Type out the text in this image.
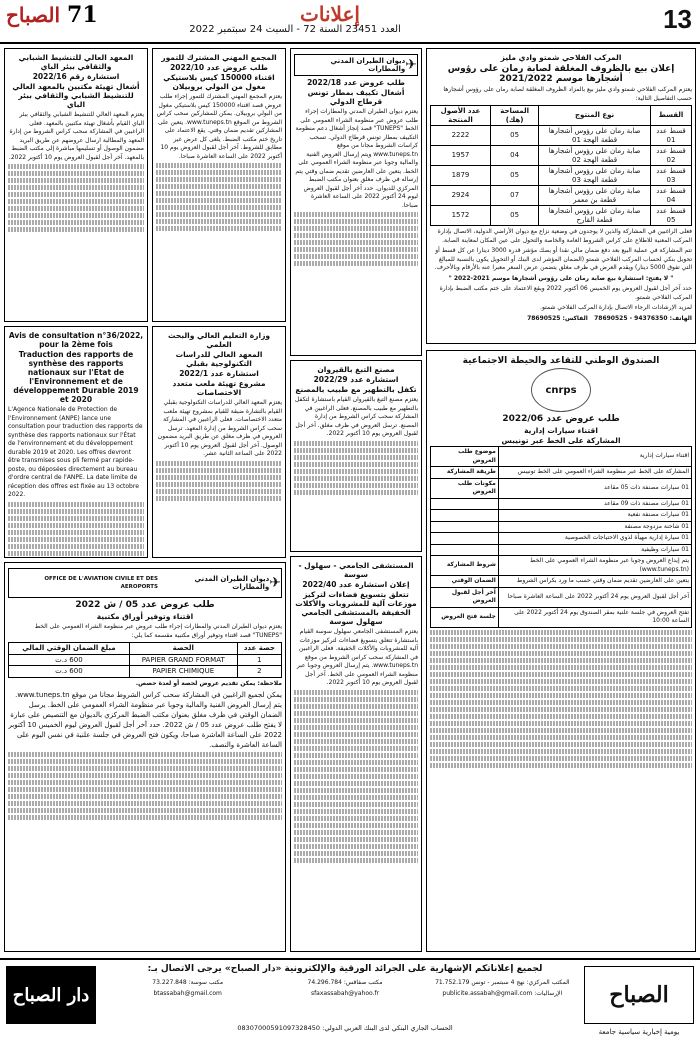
13
إعلانات
العدد 23451 السنة 72 - السبت 24 سبتمبر 2022
71 الصباح
المركب الفلاحي شمتو وادي مليز
إعلان بيع بالظروف المغلقة لصابة رمان على رؤوس أشجارها موسم 2021/2022

يعتزم المركب الفلاحي شمتو وادي مليز بيع بالمزاد الظروف المغلقة لصابة رمان على رؤوس أشجارها حسب التفاصيل التالية:

القسط	نوع المنتوج	المساحة (هك)	عدد الأصول المنتجة
قسط عدد 01	صابة رمان على رؤوس أشجارها قطعة الهجة 01	05	2222
قسط عدد 02	صابة رمان على رؤوس أشجارها قطعة الهجة 02	04	1957
قسط عدد 03	صابة رمان على رؤوس أشجارها قطعة الهجة 03	05	1879
قسط عدد 04	صابة رمان على رؤوس أشجارها قطعة بن معمر	07	2924
قسط عدد 05	صابة رمان على رؤوس أشجارها قطعة القارح	05	1572

فعلى الراغبين في المشاركة والذين لا يوجدون في وضعية نزاع مع ديوان الأراضي الدولية، الاتصال بإدارة المركب المعنية للاطلاع على كراس الشروط العامة والخاصة والتحول على عين المكان لمعاينة الصابة.

تتم المشاركة في عملية البيع بعد دفع ضمان مالي نقدا أو بصك مؤشر قدره 3000 دينارا عن كل قسط أو تحويل بنكي لحساب المركب الفلاحي شمتو (الضمان المؤشر لدى البنك أو التحويل يكون بالنسبة للمبالغ التي تفوق 5000 دينار) ويقدم العرض في ظرف مغلق يتضمن عرض السعر معبرا عنه بالأرقام وبالأحرف.

" لا يفتح: استشارة بيع صابة رمان على رؤوس أشجارها موسم 2021-2022 "

حدد آخر أجل لقبول العروض يوم الخميس 06 أكتوبر 2022 ويقع الاعتماد على ختم مكتب الضبط بإدارة المركب الفلاحي شمتو.

لمزيد الإرشادات الرجاء الاتصال بإدارة المركب الفلاحي شمتو.

الهاتف: 94376350 - 78690525   الفاكس: 78690525

الصندوق الوطني للتقاعد والحيطة الاجتماعية
cnrps
طلب عروض عدد 2022/06
اقتناء سيارات إدارية
المشاركة على الخط عبر تونيبس
اقتناء سيارات إدارية	موضوع طلب العروض
المشاركة على الخط عبر منظومة الشراء العمومي على الخط تونيبس	طريقة المشاركة
01 سيارات مصنفة ذات 05 مقاعد	مكونات طلب العروض
01 سيارات مصنفة ذات 09 مقاعد	
01 سيارات مصنفة نفعية	
01 شاحنة مزدوجة مصنفة	
01 سيارة إدارية مهيأة لذوي الاحتياجات الخصوصية	
01 سيارات وظيفية	
يتم إيداع العروض وجوبا عبر منظومة الشراء العمومي على الخط (www.tuneps.tn)	شروط المشاركة
يتعين على العارضين تقديم ضمان وقتي حسب ما ورد بكراس الشروط	الضمان الوقتي
آخر أجل لقبول العروض يوم 24 أكتوبر 2022 على الساعة العاشرة صباحا	آخر أجل لقبول العروض
تفتح العروض في جلسة علنية بمقر الصندوق يوم 24 أكتوبر 2022 على الساعة 10:00	جلسة فتح العروض
✈
ديوان الطيران المدني والمطارات
طلب عروض عدد 2022/18
أشغال تكييف بمطار تونس قرطاج الدولي

يعتزم ديوان الطيران المدني والمطارات إجراء طلب عروض عبر منظومة الشراء العمومي على الخط "TUNEPS" قصد إنجاز أشغال دعم منظومة التكييف بمطار تونس قرطاج الدولي. تسحب كراسات الشروط مجانا من موقع www.tuneps.tn ويتم إرسال العروض الفنية والمالية وجوبا عبر منظومة الشراء العمومي على الخط. يتعين على العارضين تقديم ضمان وقتي يتم إرساله في ظرف مغلق بعنوان مكتب الضبط المركزي للديوان. حدد آخر أجل لقبول العروض ليوم 24 أكتوبر 2022 على الساعة العاشرة صباحا.

مصنع التبغ بالقيروان
استشارة عدد 2022/29
تكفل بالتطهير مع طبيب بالمصنع

يعتزم مصنع التبغ بالقيروان القيام باستشارة لتكفل بالتطهير مع طبيب بالمصنع. فعلى الراغبين في المشاركة سحب كراس الشروط من إدارة المصنع. ترسل العروض في ظرف مغلق. آخر أجل لقبول العروض يوم 10 أكتوبر 2022.

المستشفى الجامعي - سهلول - سوسة
إعلان استشارة عدد 2022/40
تتعلق بتسويغ فضاءات لتركيز موزعات آلية للمشروبات والأكلات الخفيفة بالمستشفى الجامعي سهلول سوسة

يعتزم المستشفى الجامعي سهلول سوسة القيام باستشارة تتعلق بتسويغ فضاءات لتركيز موزعات آلية للمشروبات والأكلات الخفيفة. فعلى الراغبين في المشاركة سحب كراس الشروط من موقع www.tuneps.tn. يتم إرسال العروض وجوبا عبر منظومة الشراء العمومي على الخط. آخر أجل لقبول العروض يوم 10 أكتوبر 2022.

المجمع المهني المشترك للتمور
طلب عروض عدد 2022/10
اقتناء 150000 كيس بلاستيكي مغول من البولي بروبيلان

يعتزم المجمع المهني المشترك للتمور إجراء طلب عروض قصد اقتناء 150000 كيس بلاستيكي مغول من البولي بروبيلان. يمكن للمشاركين سحب كراس الشروط من الموقع www.tuneps.tn. يتعين على المشاركين تقديم ضمان وقتي. يقع الاعتماد على تاريخ ختم مكتب الضبط. يلغى كل عرض غير مطابق للشروط. آخر أجل لقبول العروض يوم 10 أكتوبر 2022 على الساعة العاشرة صباحا.

وزارة التعليم العالي والبحث العلمي
المعهد العالي للدراسات التكنولوجية بقبلي
استشارة عدد 2022/1
مشروع تهيئة ملعب متعدد الاختصاصات

يعتزم المعهد العالي للدراسات التكنولوجية بقبلي القيام بالتشارة ضيقة للقيام بمشروع تهيئة ملعب متعدد الاختصاصات. فعلى الراغبين في المشاركة سحب كراس الشروط من إدارة المعهد. ترسل العروض في ظرف مغلق عن طريق البريد مضمون الوصول. آخر أجل لقبول العروض يوم 10 أكتوبر 2022 على الساعة الثانية عشر.

المعهد العالي للتنشيط الشبابي والثقافي ببئر الباي
استشارة رقم 2022/16
أشغال تهيئة مكتبين بالمعهد العالي للتنشيط الشبابي والثقافي ببئر الباي

يعتزم المعهد العالي للتنشيط الشبابي والثقافي ببئر الباي القيام بأشغال تهيئة مكتبين بالمعهد. فعلى الراغبين في المشاركة سحب كراس الشروط من إدارة المعهد والمطالبة ارسال عروضهم عن طريق البريد مضمون الوصول أو تسليمها مباشرة إلى مكتب الضبط بالمعهد. آخر أجل لقبول العروض يوم 10 أكتوبر 2022.

Avis de consultation n°36/2022, pour la 2ème fois
Traduction des rapports de synthèse des rapports nationaux sur l'Etat de l'Environnement et de développement Durable 2019 et 2020

L'Agence Nationale de Protection de l'Environnement (ANPE) lance une consultation pour traduction des rapports de synthèse des rapports nationaux sur l'État de l'environnement et du développement durable 2019 et 2020. Les offres devront être transmises sous pli fermé par rapide-poste, ou déposées directement au bureau d'ordre central de l'ANPE. La date limite de réception des offres est fixée au 13 octobre 2022.

✈
ديوان الطيران المدني والمطارات
OFFICE DE L'AVIATION CIVILE ET DES AEROPORTS
طلب عروض عدد 05 / ش 2022
اقتناء وتوفير أوراق مكتبية

يعتزم ديوان الطيران المدني والمطارات إجراء طلب عروض عبر منظومة الشراء العمومي على الخط "TUNEPS" قصد اقتناء وتوفير أوراق مكتبية مقسمة كما يلي:

حصة عدد	الحصة	مبلغ الضمان الوقتي المالي
1	PAPIER GRAND FORMAT	600 د.ت
2	PAPIER CHIMIQUE	600 د.ت

ملاحظة: يمكن تقديم عروض لحصة أو لعدة حصص.

يمكن لجميع الراغبين في المشاركة سحب كراس الشروط مجانا من موقع www.tuneps.tn. يتم إرسال العروض الفنية والمالية وجوبا عبر منظومة الشراء العمومي على الخط. يرسل الضمان الوقتي في ظرف مغلق بعنوان مكتب الضبط المركزي بالديوان مع التنصيص على عبارة لا يفتح طلب عروض عدد 05 / ش 2022. حدد آخر أجل لقبول العروض ليوم الخميس 10 أكتوبر 2022 على الساعة العاشرة صباحا، ويكون فتح العروض في جلسة علنية في نفس اليوم على الساعة العاشرة والنصف.

الصباح
لجميع إعلاناتكم الإشهارية على الجرائد الورقية والإلكترونية «دار الصباح» يرجى الاتصال بـ:
المكتب المركزي: نهج 4 سبتمبر - تونس 71.752.179
مكتب صفاقس: 74.296.784
مكتب سوسة: 73.227.848
الإرساليات: publicite.assabah@gmail.com
sfaxassabah@yahoo.fr
btassabah@gmail.com
الحساب الجاري البنكي لدى البنك العربي الدولي: 08307000591097328450
دار الصباح
يومية إخبارية سياسية جامعة
